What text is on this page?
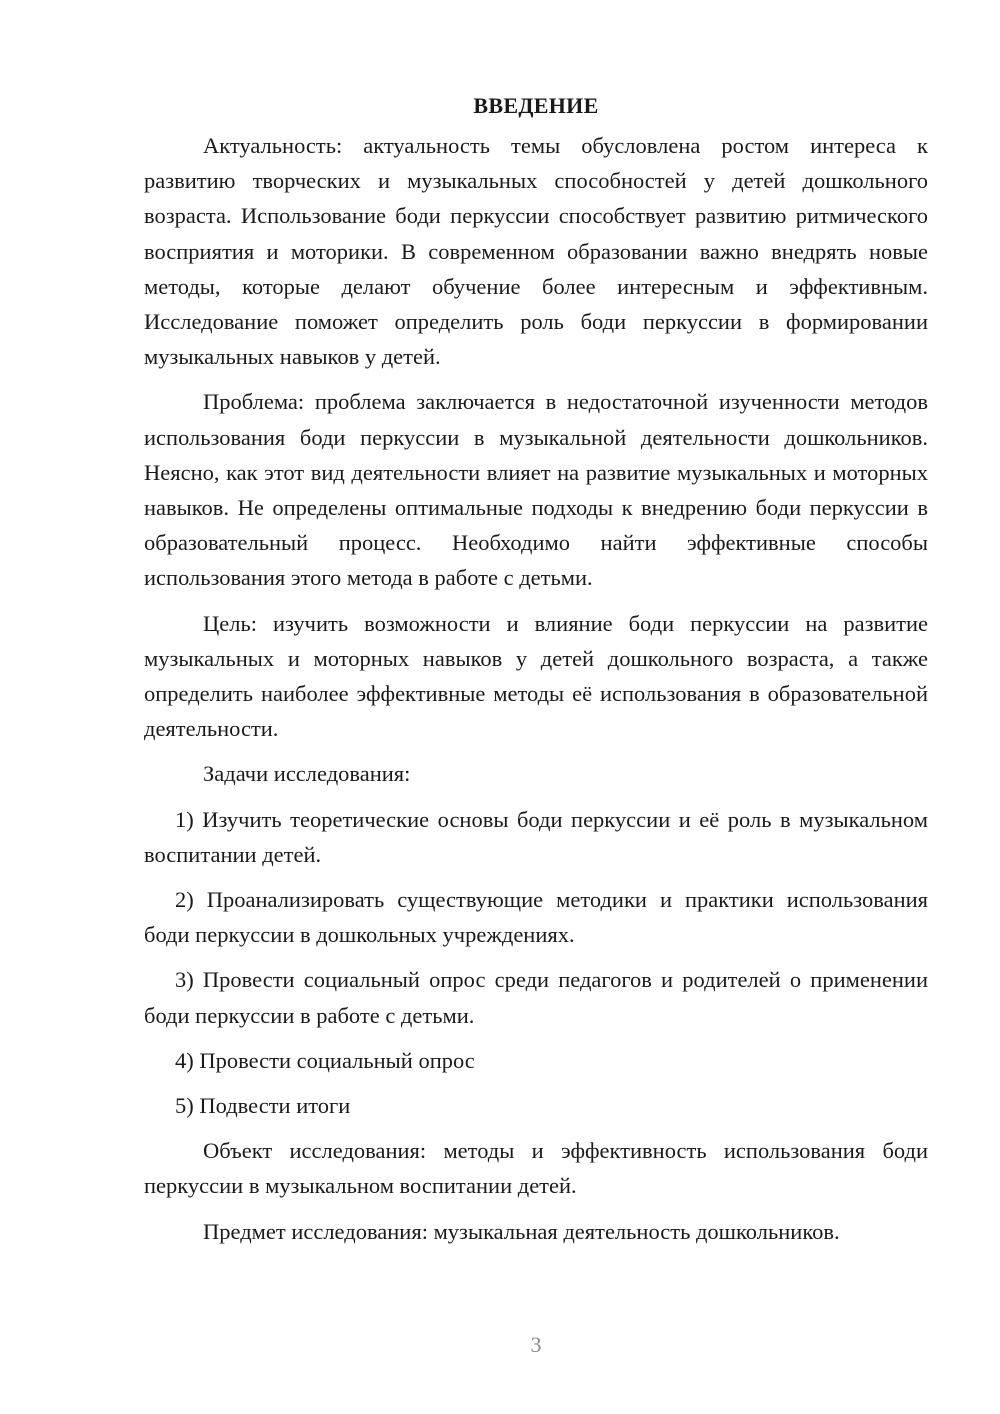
ВВЕДЕНИЕ

Актуальность: актуальность темы обусловлена ростом интереса к развитию творческих и музыкальных способностей у детей дошкольного возраста. Использование боди перкуссии способствует развитию ритмического восприятия и моторики. В современном образовании важно внедрять новые методы, которые делают обучение более интересным и эффективным. Исследование поможет определить роль боди перкуссии в формировании музыкальных навыков у детей.

Проблема: проблема заключается в недостаточной изученности методов использования боди перкуссии в музыкальной деятельности дошкольников. Неясно, как этот вид деятельности влияет на развитие музыкальных и моторных навыков. Не определены оптимальные подходы к внедрению боди перкуссии в образовательный процесс. Необходимо найти эффективные способы использования этого метода в работе с детьми.

Цель: изучить возможности и влияние боди перкуссии на развитие музыкальных и моторных навыков у детей дошкольного возраста, а также определить наиболее эффективные методы её использования в образовательной деятельности.

Задачи исследования:

1) Изучить теоретические основы боди перкуссии и её роль в музыкальном воспитании детей.

2) Проанализировать существующие методики и практики использования боди перкуссии в дошкольных учреждениях.

3) Провести социальный опрос среди педагогов и родителей о применении боди перкуссии в работе с детьми.

4) Провести социальный опрос

5) Подвести итоги

Объект исследования: методы и эффективность использования боди перкуссии в музыкальном воспитании детей.

Предмет исследования: музыкальная деятельность дошкольников.

3
